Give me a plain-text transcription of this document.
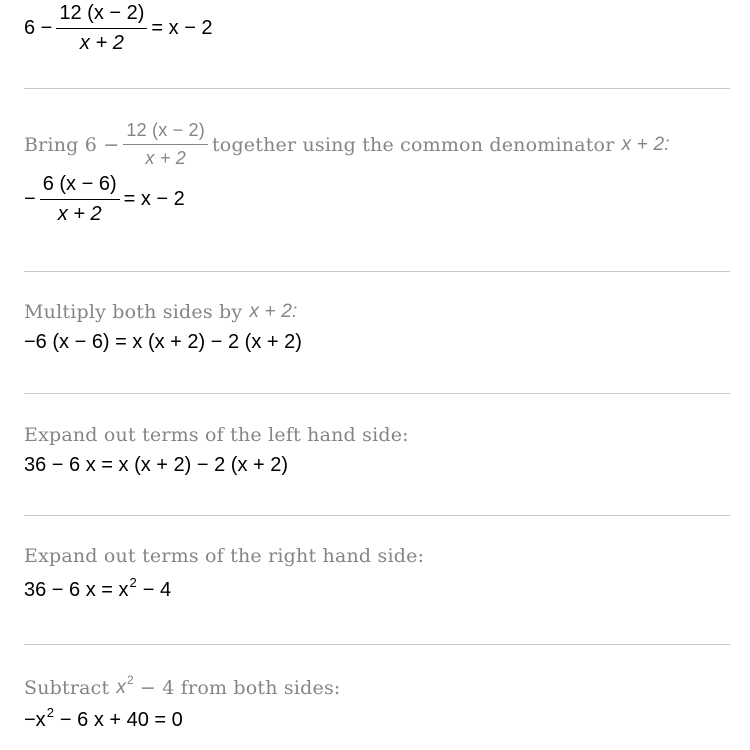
$6 - \frac{12 (x - 2)}{x + 2} = x - 2$
Bring $6 - \frac{12 (x - 2)}{x + 2}$ together using the common denominator x + 2:
− $\frac{6 (x - 6)}{x + 2} = x - 2$
Multiply both sides by x + 2:
−6 (x − 6) = x (x + 2) − 2 (x + 2)
Expand out terms of the left hand side:
36 − 6 x = x (x + 2) − 2 (x + 2)
Expand out terms of the right hand side:
36 − 6 x = x 2 − 4
Subtract x 2 − 4 from both sides:
−x 2 − 6 x + 40 = 0
